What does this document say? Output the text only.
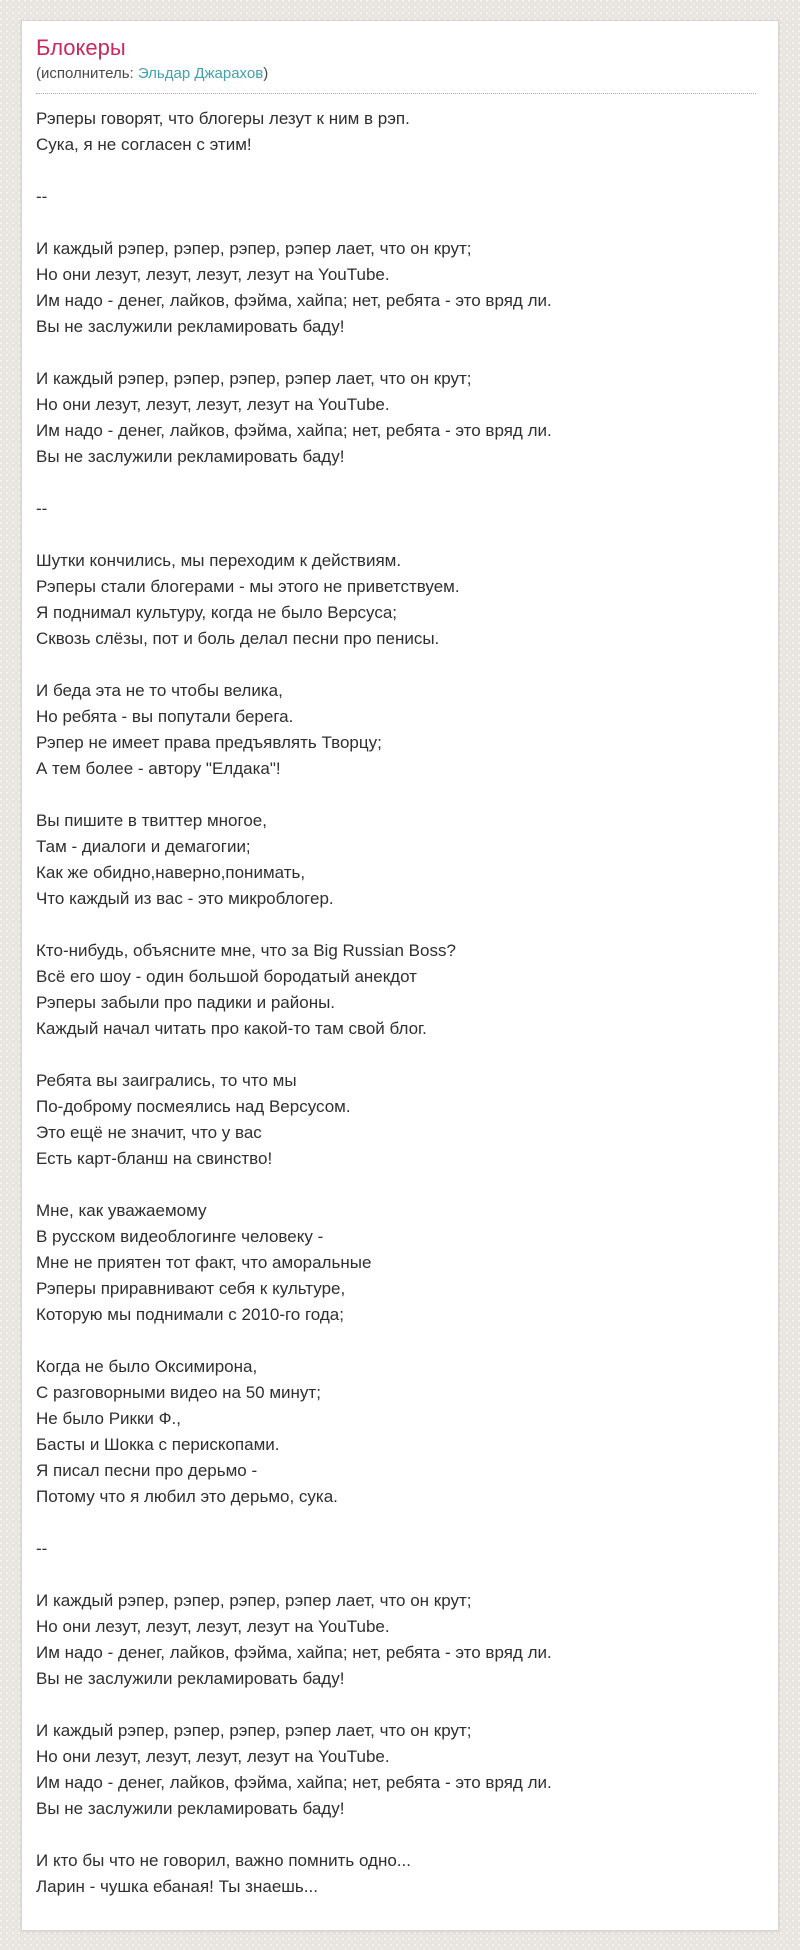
Блокеры
(исполнитель: Эльдар Джарахов)
Рэперы говорят, что блогеры лезут к ним в рэп.
Сука, я не согласен с этим!

--

И каждый рэпер, рэпер, рэпер, рэпер лает, что он крут;
Но они лезут, лезут, лезут, лезут на YouTube.
Им надо - денег, лайков, фэйма, хайпа; нет, ребята - это вряд ли.
Вы не заслужили рекламировать баду!

И каждый рэпер, рэпер, рэпер, рэпер лает, что он крут;
Но они лезут, лезут, лезут, лезут на YouTube.
Им надо - денег, лайков, фэйма, хайпа; нет, ребята - это вряд ли.
Вы не заслужили рекламировать баду!

--

Шутки кончились, мы переходим к действиям.
Рэперы стали блогерами - мы этого не приветствуем.
Я поднимал культуру, когда не было Версуса;
Сквозь слёзы, пот и боль делал песни про пенисы.

И беда эта не то чтобы велика,
Но ребята - вы попутали берега.
Рэпер не имеет права предъявлять Творцу;
А тем более - автору "Елдака"!

Вы пишите в твиттер многое,
Там - диалоги и демагогии;
Как же обидно,наверно,понимать,
Что каждый из вас - это микроблогер.

Кто-нибудь, объясните мне, что за Big Russian Boss?
Всё его шоу - один большой бородатый анекдот
Рэперы забыли про падики и районы.
Каждый начал читать про какой-то там свой блог.

Ребята вы заигрались, то что мы
По-доброму посмеялись над Версусом.
Это ещё не значит, что у вас
Есть карт-бланш на свинство!

Мне, как уважаемому
В русском видеоблогинге человеку -
Мне не приятен тот факт, что аморальные
Рэперы приравнивают себя к культуре,
Которую мы поднимали с 2010-го года;

Когда не было Оксимирона,
С разговорными видео на 50 минут;
Не было Рикки Ф.,
Басты и Шокка с перископами.
Я писал песни про дерьмо -
Потому что я любил это дерьмо, сука.

--

И каждый рэпер, рэпер, рэпер, рэпер лает, что он крут;
Но они лезут, лезут, лезут, лезут на YouTube.
Им надо - денег, лайков, фэйма, хайпа; нет, ребята - это вряд ли.
Вы не заслужили рекламировать баду!

И каждый рэпер, рэпер, рэпер, рэпер лает, что он крут;
Но они лезут, лезут, лезут, лезут на YouTube.
Им надо - денег, лайков, фэйма, хайпа; нет, ребята - это вряд ли.
Вы не заслужили рекламировать баду!

И кто бы что не говорил, важно помнить одно...
Ларин - чушка ебаная! Ты знаешь...
